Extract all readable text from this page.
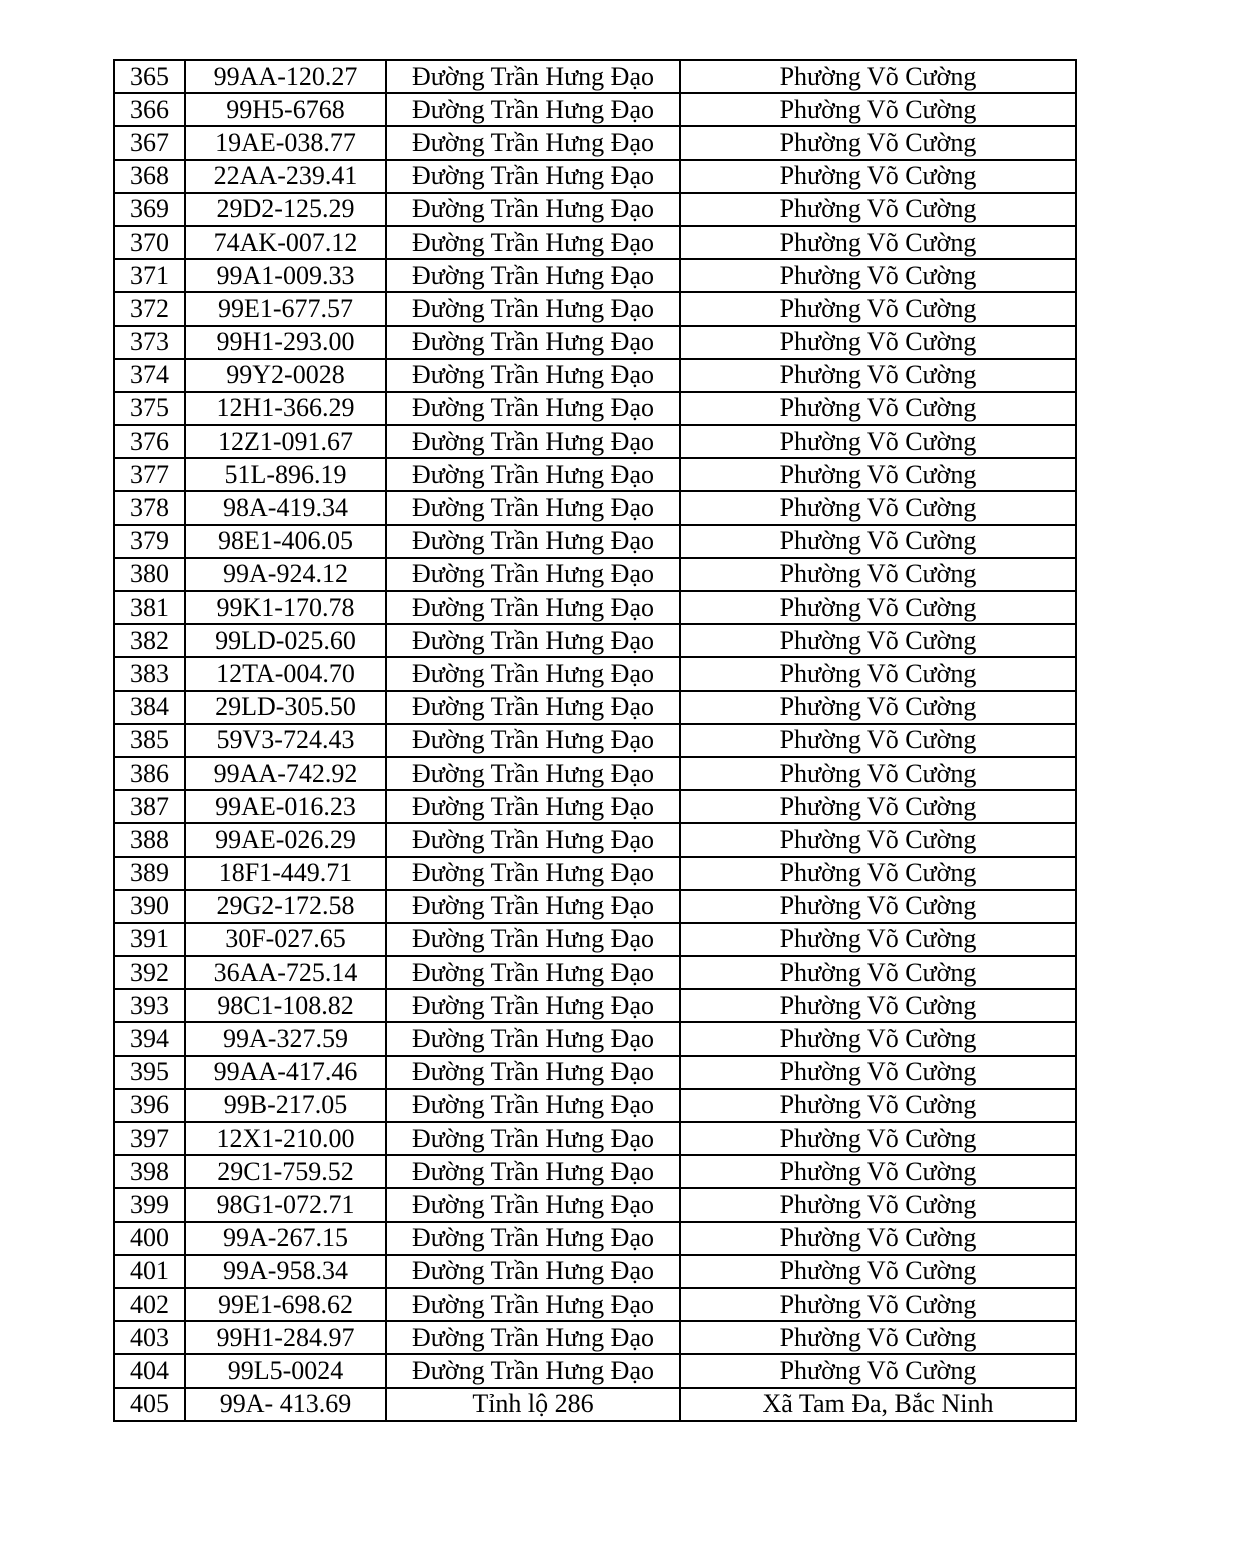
365	99AA-120.27	Đường Trần Hưng Đạo	Phường Võ Cường
366	99H5-6768	Đường Trần Hưng Đạo	Phường Võ Cường
367	19AE-038.77	Đường Trần Hưng Đạo	Phường Võ Cường
368	22AA-239.41	Đường Trần Hưng Đạo	Phường Võ Cường
369	29D2-125.29	Đường Trần Hưng Đạo	Phường Võ Cường
370	74AK-007.12	Đường Trần Hưng Đạo	Phường Võ Cường
371	99A1-009.33	Đường Trần Hưng Đạo	Phường Võ Cường
372	99E1-677.57	Đường Trần Hưng Đạo	Phường Võ Cường
373	99H1-293.00	Đường Trần Hưng Đạo	Phường Võ Cường
374	99Y2-0028	Đường Trần Hưng Đạo	Phường Võ Cường
375	12H1-366.29	Đường Trần Hưng Đạo	Phường Võ Cường
376	12Z1-091.67	Đường Trần Hưng Đạo	Phường Võ Cường
377	51L-896.19	Đường Trần Hưng Đạo	Phường Võ Cường
378	98A-419.34	Đường Trần Hưng Đạo	Phường Võ Cường
379	98E1-406.05	Đường Trần Hưng Đạo	Phường Võ Cường
380	99A-924.12	Đường Trần Hưng Đạo	Phường Võ Cường
381	99K1-170.78	Đường Trần Hưng Đạo	Phường Võ Cường
382	99LD-025.60	Đường Trần Hưng Đạo	Phường Võ Cường
383	12TA-004.70	Đường Trần Hưng Đạo	Phường Võ Cường
384	29LD-305.50	Đường Trần Hưng Đạo	Phường Võ Cường
385	59V3-724.43	Đường Trần Hưng Đạo	Phường Võ Cường
386	99AA-742.92	Đường Trần Hưng Đạo	Phường Võ Cường
387	99AE-016.23	Đường Trần Hưng Đạo	Phường Võ Cường
388	99AE-026.29	Đường Trần Hưng Đạo	Phường Võ Cường
389	18F1-449.71	Đường Trần Hưng Đạo	Phường Võ Cường
390	29G2-172.58	Đường Trần Hưng Đạo	Phường Võ Cường
391	30F-027.65	Đường Trần Hưng Đạo	Phường Võ Cường
392	36AA-725.14	Đường Trần Hưng Đạo	Phường Võ Cường
393	98C1-108.82	Đường Trần Hưng Đạo	Phường Võ Cường
394	99A-327.59	Đường Trần Hưng Đạo	Phường Võ Cường
395	99AA-417.46	Đường Trần Hưng Đạo	Phường Võ Cường
396	99B-217.05	Đường Trần Hưng Đạo	Phường Võ Cường
397	12X1-210.00	Đường Trần Hưng Đạo	Phường Võ Cường
398	29C1-759.52	Đường Trần Hưng Đạo	Phường Võ Cường
399	98G1-072.71	Đường Trần Hưng Đạo	Phường Võ Cường
400	99A-267.15	Đường Trần Hưng Đạo	Phường Võ Cường
401	99A-958.34	Đường Trần Hưng Đạo	Phường Võ Cường
402	99E1-698.62	Đường Trần Hưng Đạo	Phường Võ Cường
403	99H1-284.97	Đường Trần Hưng Đạo	Phường Võ Cường
404	99L5-0024	Đường Trần Hưng Đạo	Phường Võ Cường
405	99A- 413.69	Tỉnh lộ 286	Xã Tam Đa, Bắc Ninh
